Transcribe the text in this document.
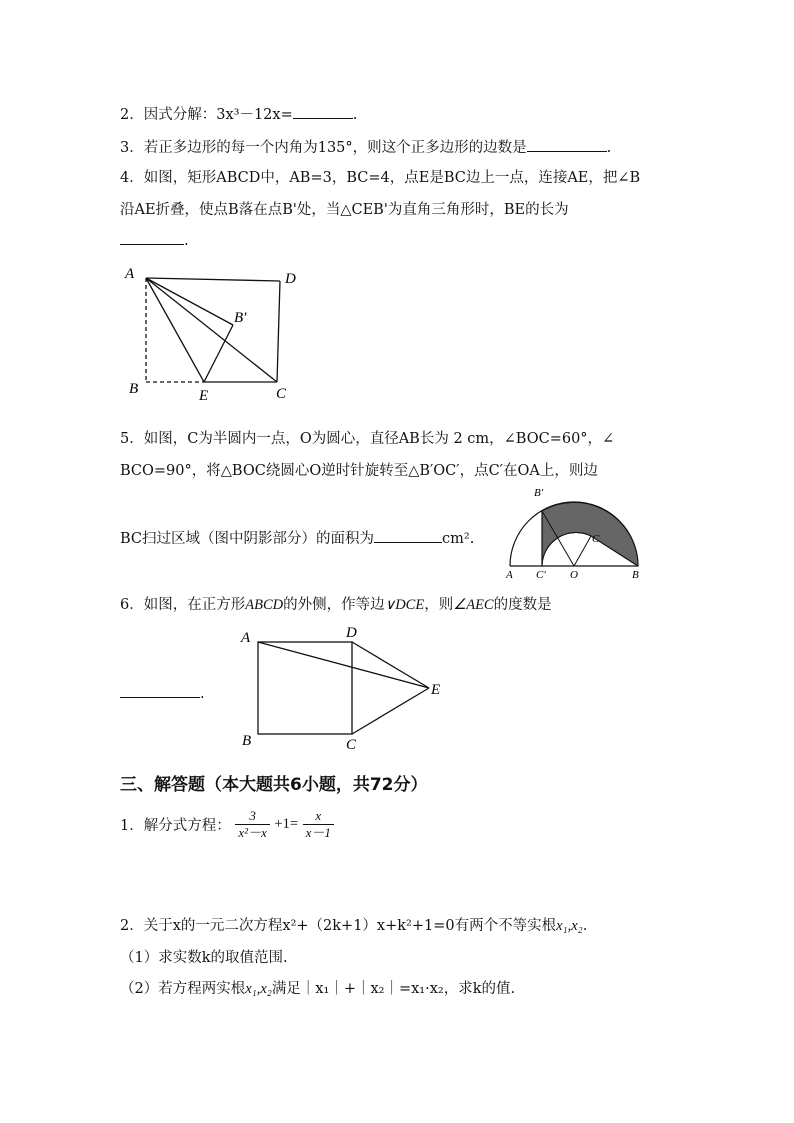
2．因式分解：3x³－12x=	.
3．若正多边形的每一个内角为135°，则这个正多边形的边数是	.
4．如图，矩形ABCD中，AB=3，BC=4，点E是BC边上一点，连接AE，把∠B
沿AE折叠，使点B落在点B'处，当△CEB'为直角三角形时，BE的长为
.
A	D
B′
B	E	C
5．如图，C为半圆内一点，O为圆心，直径AB长为 2 cm，∠BOC=60°，∠
BCO=90°，将△BOC绕圆心O逆时针旋转至△B′OC′，点C′在OA上，则边
BC扫过区域（图中阴影部分）的面积为	cm².
B′
C
A C′ O	B
6．如图，在正方形ABCD的外侧，作等边∨DCE，则∠AEC的度数是
.
A	D
E
B	C
三、解答题（本大题共6小题，共72分）
1．解分式方程： $\frac{3}{\text{x²－x}} +1= \frac{x}{x-1}$
2．关于x的一元二次方程x²+（2k+1）x+k²+1=0有两个不等实根x₁,x₂.
（1）求实数k的取值范围.
（2）若方程两实根x₁,x₂满足｜x₁｜+｜x₂｜=x₁·x₂，求k的值.
